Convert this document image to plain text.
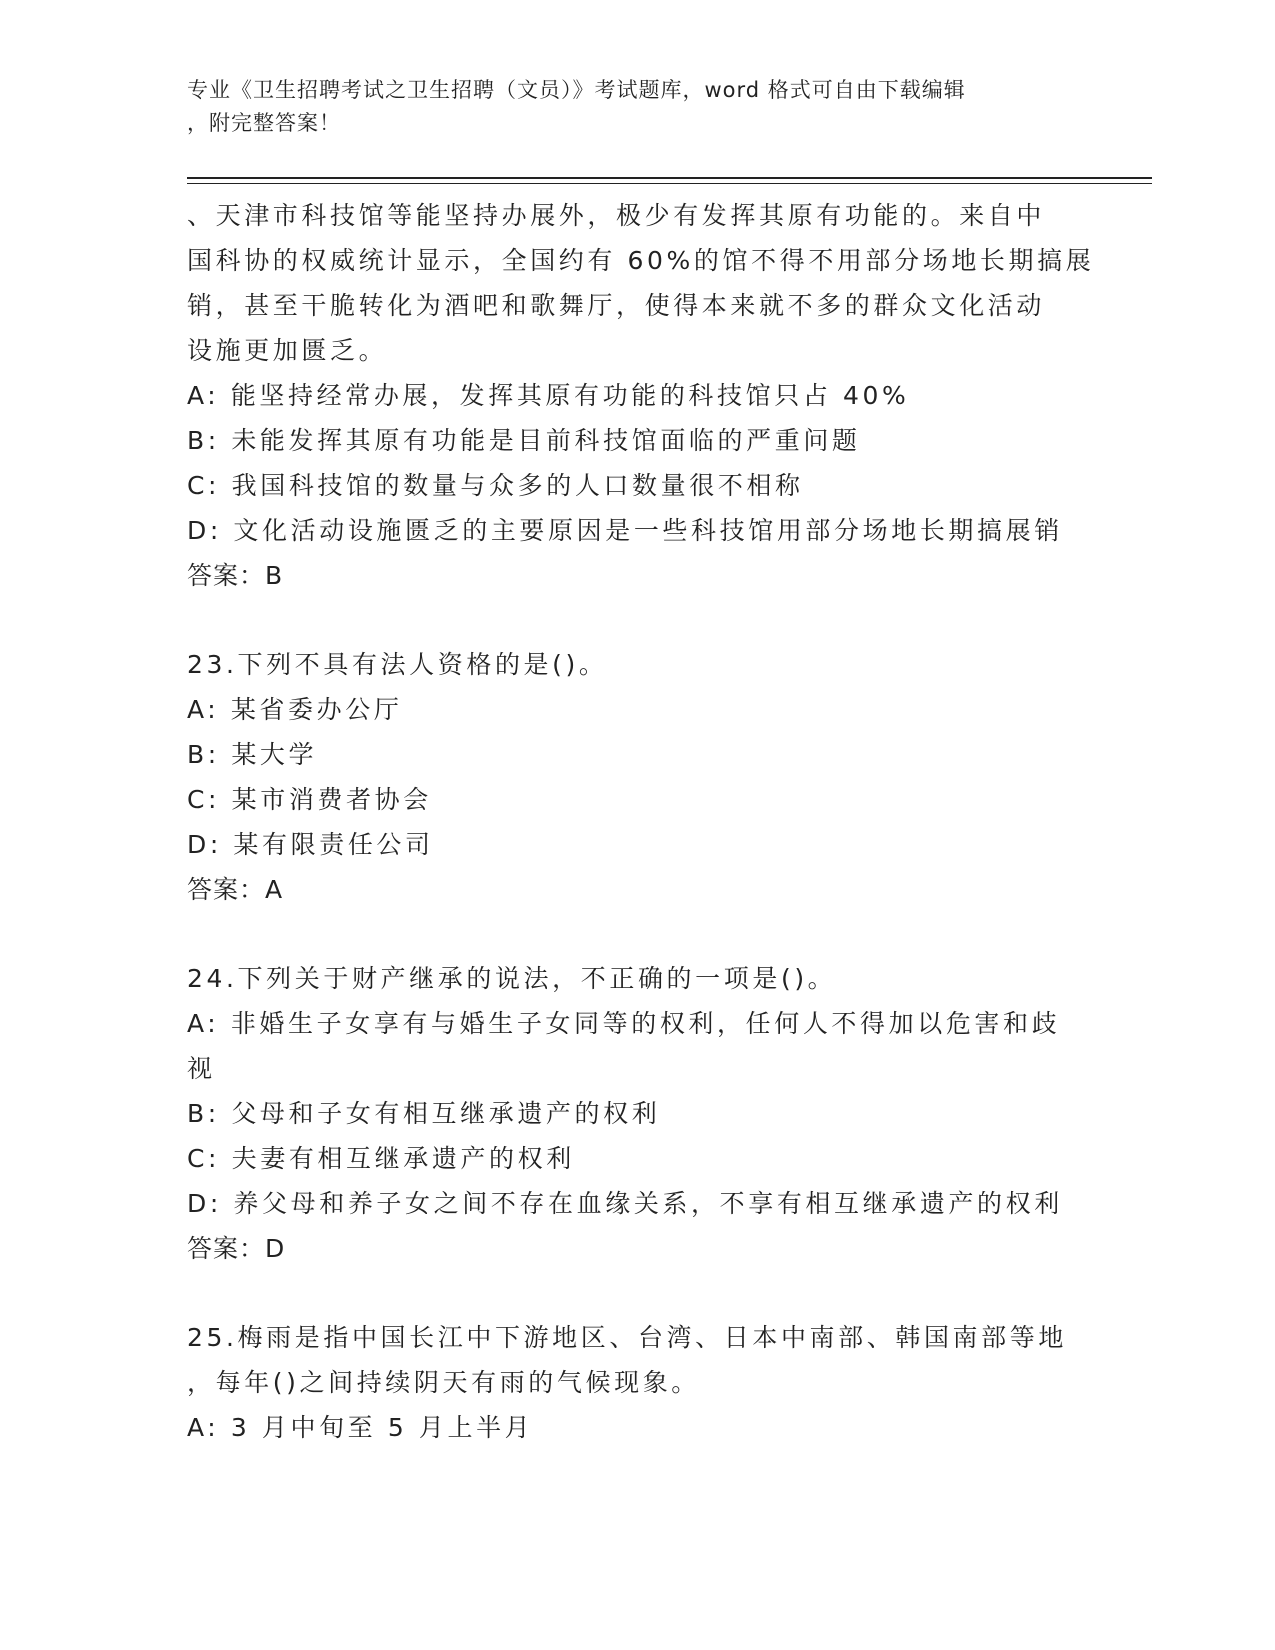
专业《卫生招聘考试之卫生招聘（文员）》考试题库，word 格式可自由下载编辑
，附完整答案！
、天津市科技馆等能坚持办展外，极少有发挥其原有功能的。来自中
国科协的权威统计显示，全国约有 60%的馆不得不用部分场地长期搞展
销，甚至干脆转化为酒吧和歌舞厅，使得本来就不多的群众文化活动
设施更加匮乏。
A: 能坚持经常办展，发挥其原有功能的科技馆只占 40%
B: 未能发挥其原有功能是目前科技馆面临的严重问题
C: 我国科技馆的数量与众多的人口数量很不相称
D: 文化活动设施匮乏的主要原因是一些科技馆用部分场地长期搞展销
答案：B
23.下列不具有法人资格的是()。
A: 某省委办公厅
B: 某大学
C: 某市消费者协会
D: 某有限责任公司
答案：A
24.下列关于财产继承的说法，不正确的一项是()。
A: 非婚生子女享有与婚生子女同等的权利，任何人不得加以危害和歧
视
B: 父母和子女有相互继承遗产的权利
C: 夫妻有相互继承遗产的权利
D: 养父母和养子女之间不存在血缘关系，不享有相互继承遗产的权利
答案：D
25.梅雨是指中国长江中下游地区、台湾、日本中南部、韩国南部等地
，每年()之间持续阴天有雨的气候现象。
A: 3 月中旬至 5 月上半月
